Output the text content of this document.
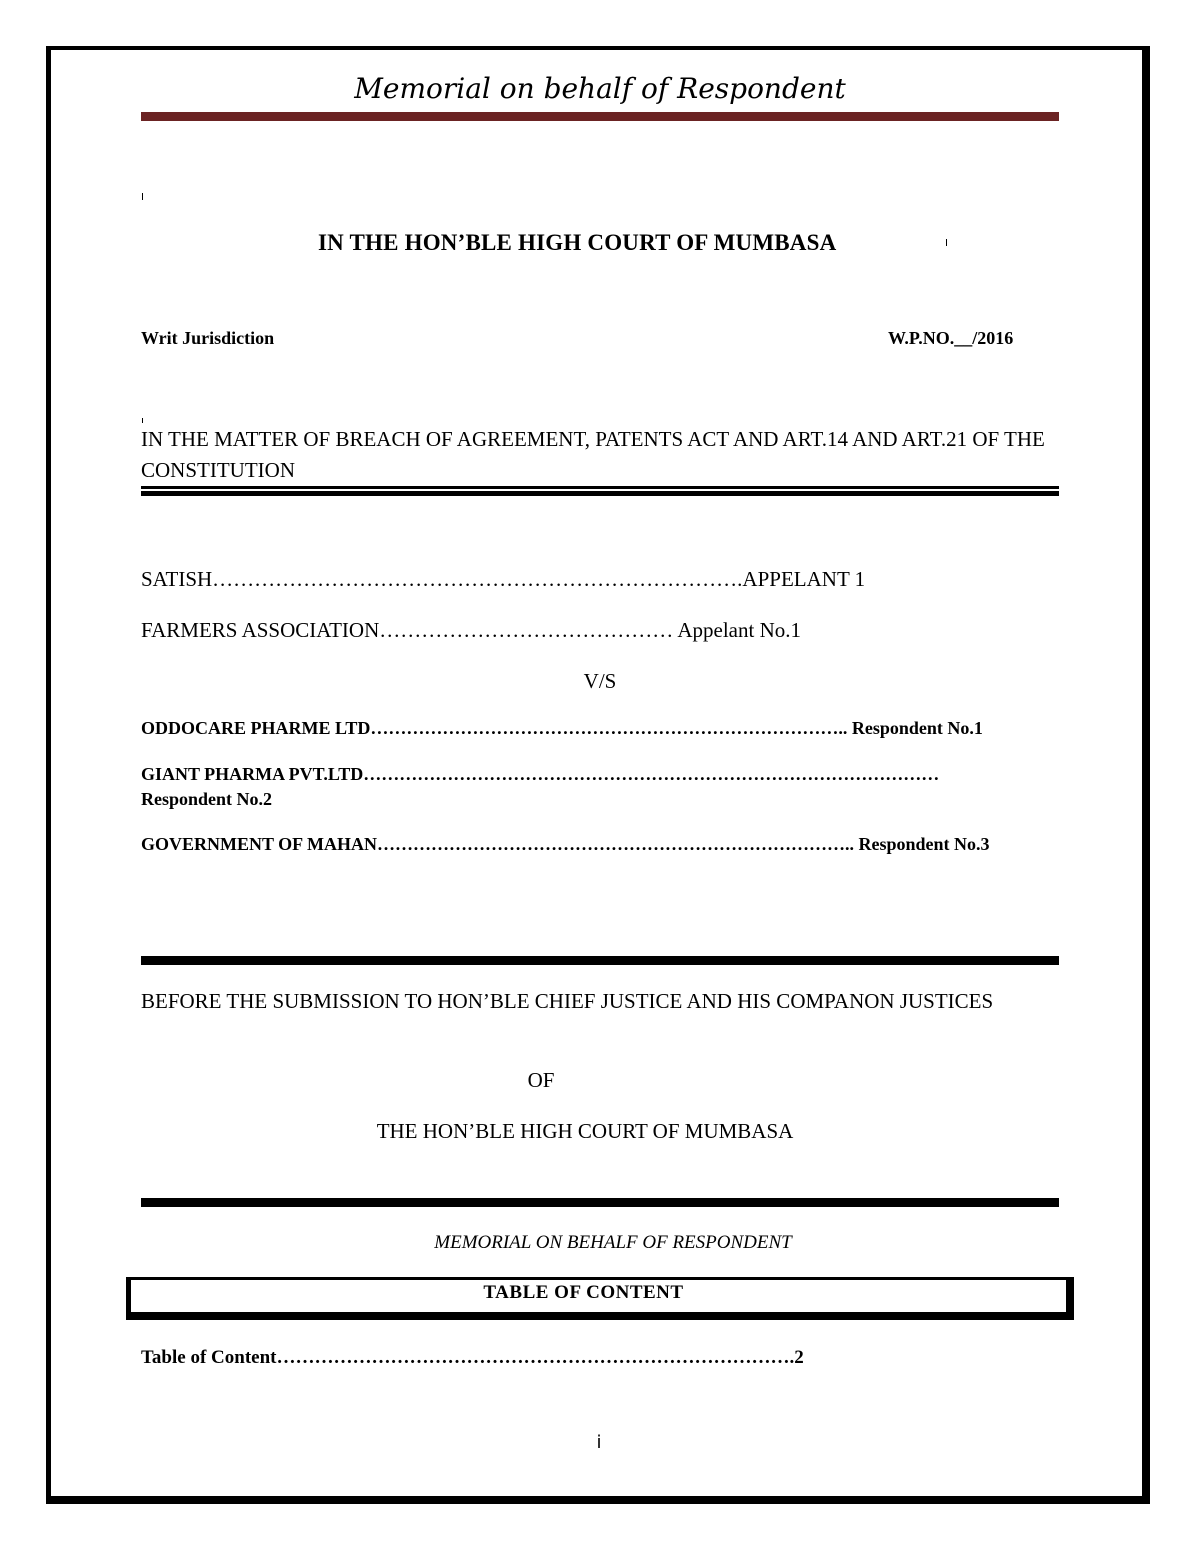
Memorial on behalf of Respondent
IN THE HON’BLE HIGH COURT OF MUMBASA
Writ Jurisdiction	W.P.NO.__/2016
IN THE MATTER OF BREACH OF AGREEMENT, PATENTS ACT AND ART.14 AND ART.21 OF THE CONSTITUTION
SATISH………………………………………………………………….APPELANT 1
FARMERS ASSOCIATION…………………………………… Appelant No.1
V/S
ODDOCARE PHARME LTD…………………………………………………………………….. Respondent No.1
GIANT PHARMA PVT.LTD……………………………………………………………………………………
Respondent No.2
GOVERNMENT OF MAHAN…………………………………………………………………….. Respondent No.3
BEFORE THE SUBMISSION TO HON’BLE CHIEF JUSTICE AND HIS COMPANON JUSTICES
OF
THE HON’BLE HIGH COURT OF MUMBASA
MEMORIAL ON BEHALF OF RESPONDENT
TABLE OF CONTENT
Table of Content……………………………………………………………………….2
i
